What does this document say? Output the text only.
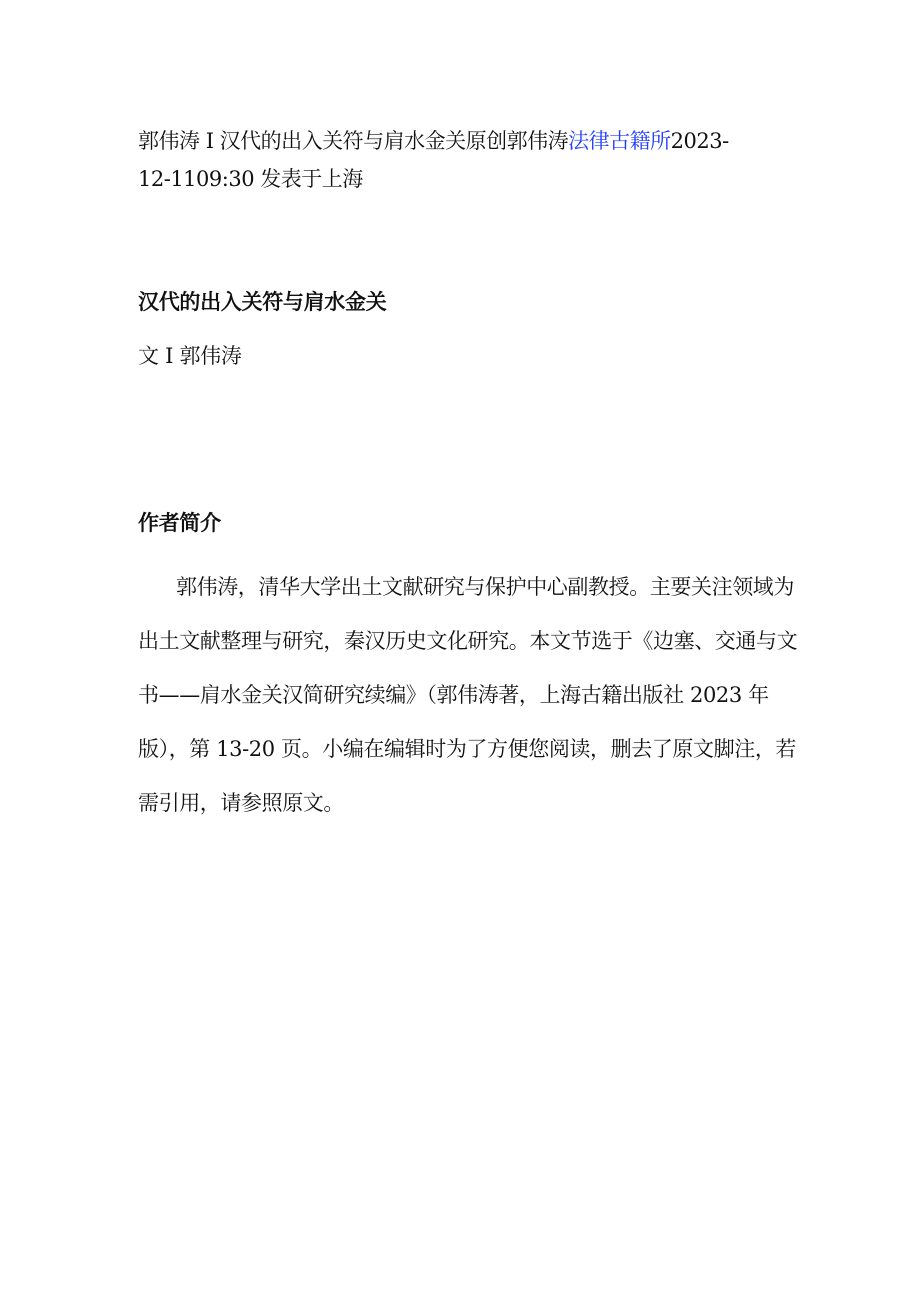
郭伟涛 I 汉代的出入关符与肩水金关原创郭伟涛法律古籍所2023-
12-1109:30 发表于上海
汉代的出入关符与肩水金关
文 I 郭伟涛
作者简介

郭伟涛，清华大学出土文献研究与保护中心副教授。主要关注领域为出土文献整理与研究，秦汉历史文化研究。本文节选于《边塞、交通与文书——肩水金关汉简研究续编》（郭伟涛著，上海古籍出版社 2023 年版），第 13-20 页。小编在编辑时为了方便您阅读，删去了原文脚注，若需引用，请参照原文。
